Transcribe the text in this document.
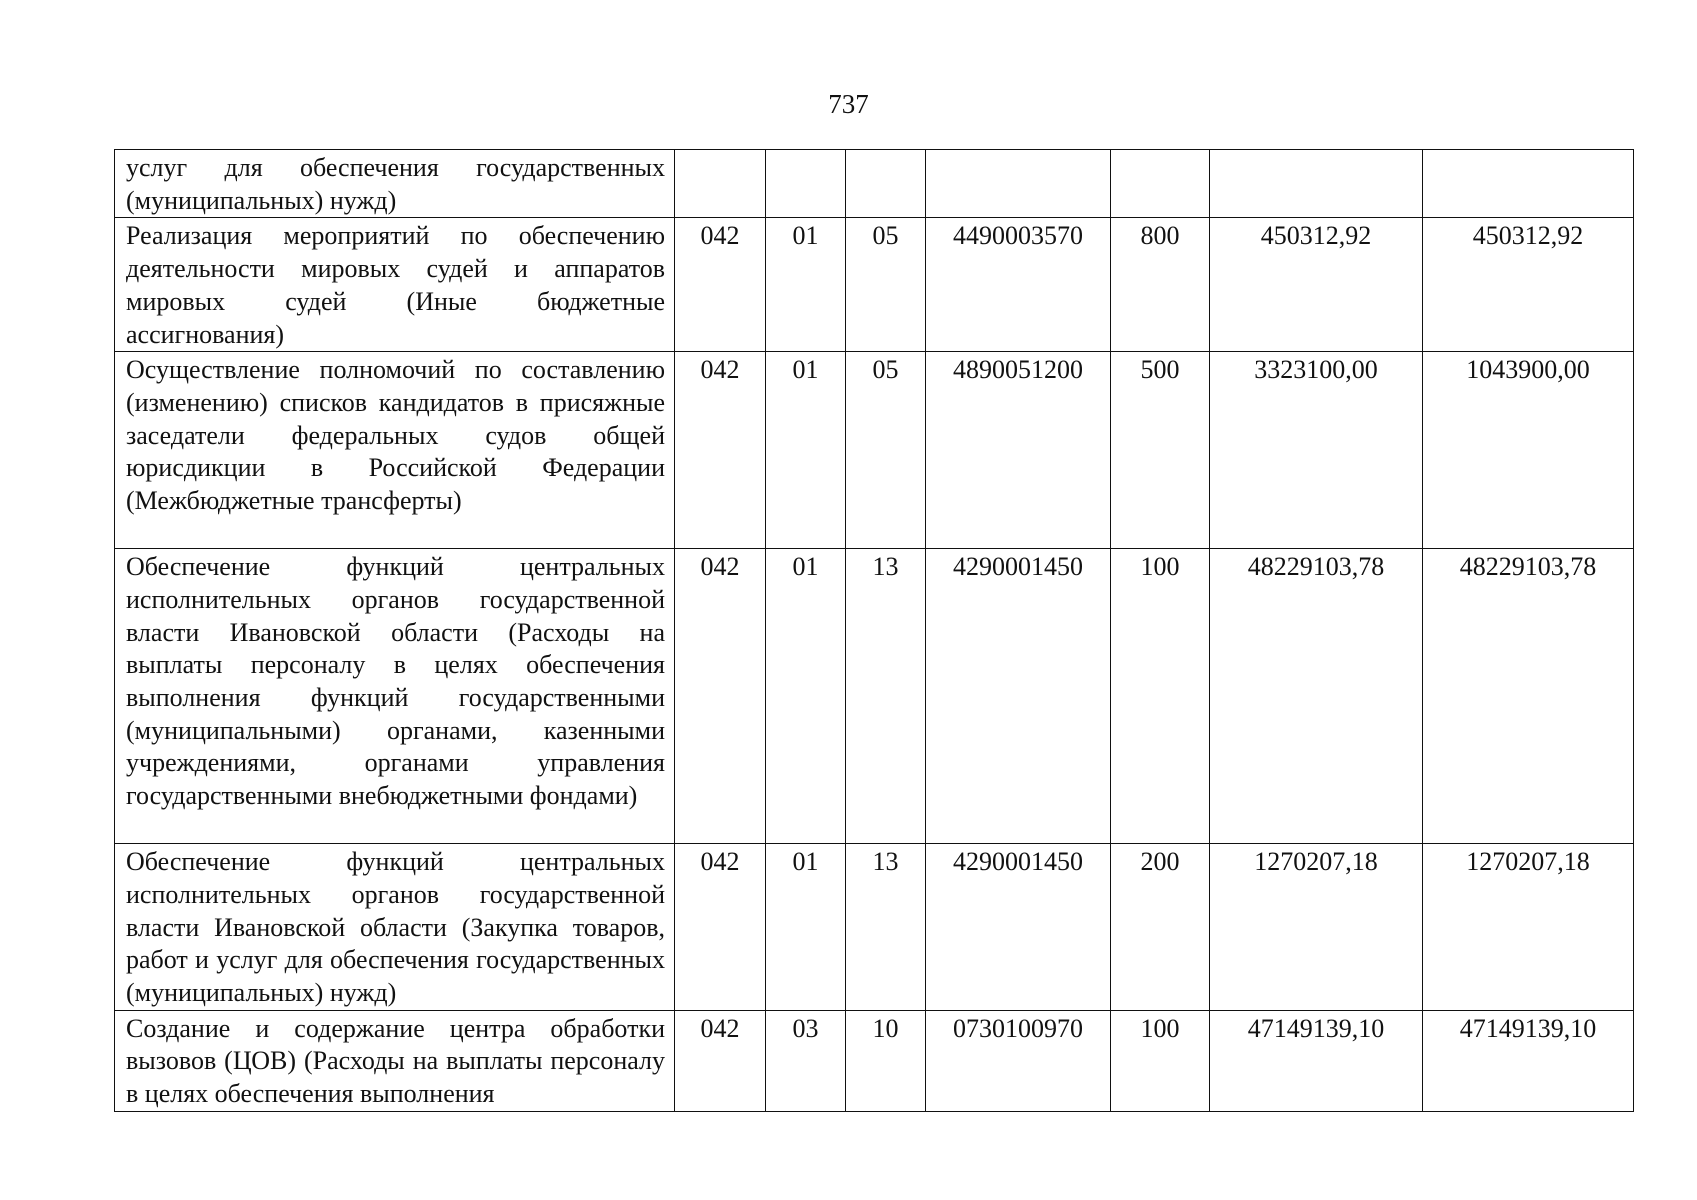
737
услуг для обеспечения государственных (муниципальных) нужд)							
Реализация мероприятий по обеспечению деятельности мировых судей и аппаратов мировых судей (Иные бюджетные ассигнования)	042	01	05	4490003570	800	450312,92	450312,92
Осуществление полномочий по составлению (изменению) списков кандидатов в присяжные заседатели федеральных судов общей юрисдикции в Российской Федерации (Межбюджетные трансферты)	042	01	05	4890051200	500	3323100,00	1043900,00
Обеспечение функций центральных исполнительных органов государственной власти Ивановской области (Расходы на выплаты персоналу в целях обеспечения выполнения функций государственными (муниципальными) органами, казенными учреждениями, органами управления государственными внебюджетными фондами)	042	01	13	4290001450	100	48229103,78	48229103,78
Обеспечение функций центральных исполнительных органов государственной власти Ивановской области (Закупка товаров, работ и услуг для обеспечения государственных (муниципальных) нужд)	042	01	13	4290001450	200	1270207,18	1270207,18
Создание и содержание центра обработки вызовов (ЦОВ) (Расходы на выплаты персоналу в целях обеспечения выполнения	042	03	10	0730100970	100	47149139,10	47149139,10
